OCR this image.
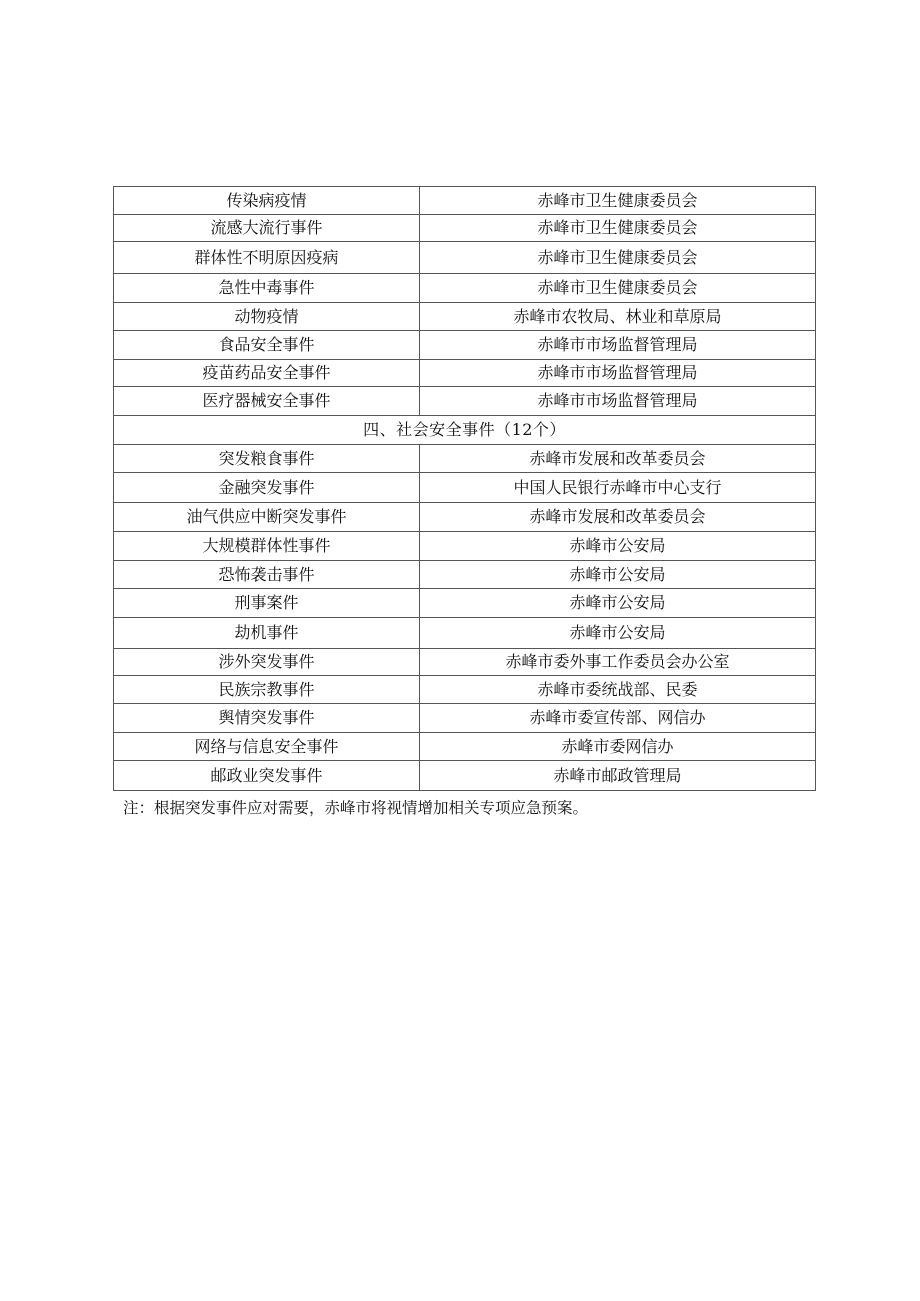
传染病疫情	赤峰市卫生健康委员会
流感大流行事件	赤峰市卫生健康委员会
群体性不明原因疫病	赤峰市卫生健康委员会
急性中毒事件	赤峰市卫生健康委员会
动物疫情	赤峰市农牧局、林业和草原局
食品安全事件	赤峰市市场监督管理局
疫苗药品安全事件	赤峰市市场监督管理局
医疗器械安全事件	赤峰市市场监督管理局
四、社会安全事件（12个）	
突发粮食事件	赤峰市发展和改革委员会
金融突发事件	中国人民银行赤峰市中心支行
油气供应中断突发事件	赤峰市发展和改革委员会
大规模群体性事件	赤峰市公安局
恐怖袭击事件	赤峰市公安局
刑事案件	赤峰市公安局
劫机事件	赤峰市公安局
涉外突发事件	赤峰市委外事工作委员会办公室
民族宗教事件	赤峰市委统战部、民委
舆情突发事件	赤峰市委宣传部、网信办
网络与信息安全事件	赤峰市委网信办
邮政业突发事件	赤峰市邮政管理局
注：根据突发事件应对需要，赤峰市将视情增加相关专项应急预案。
